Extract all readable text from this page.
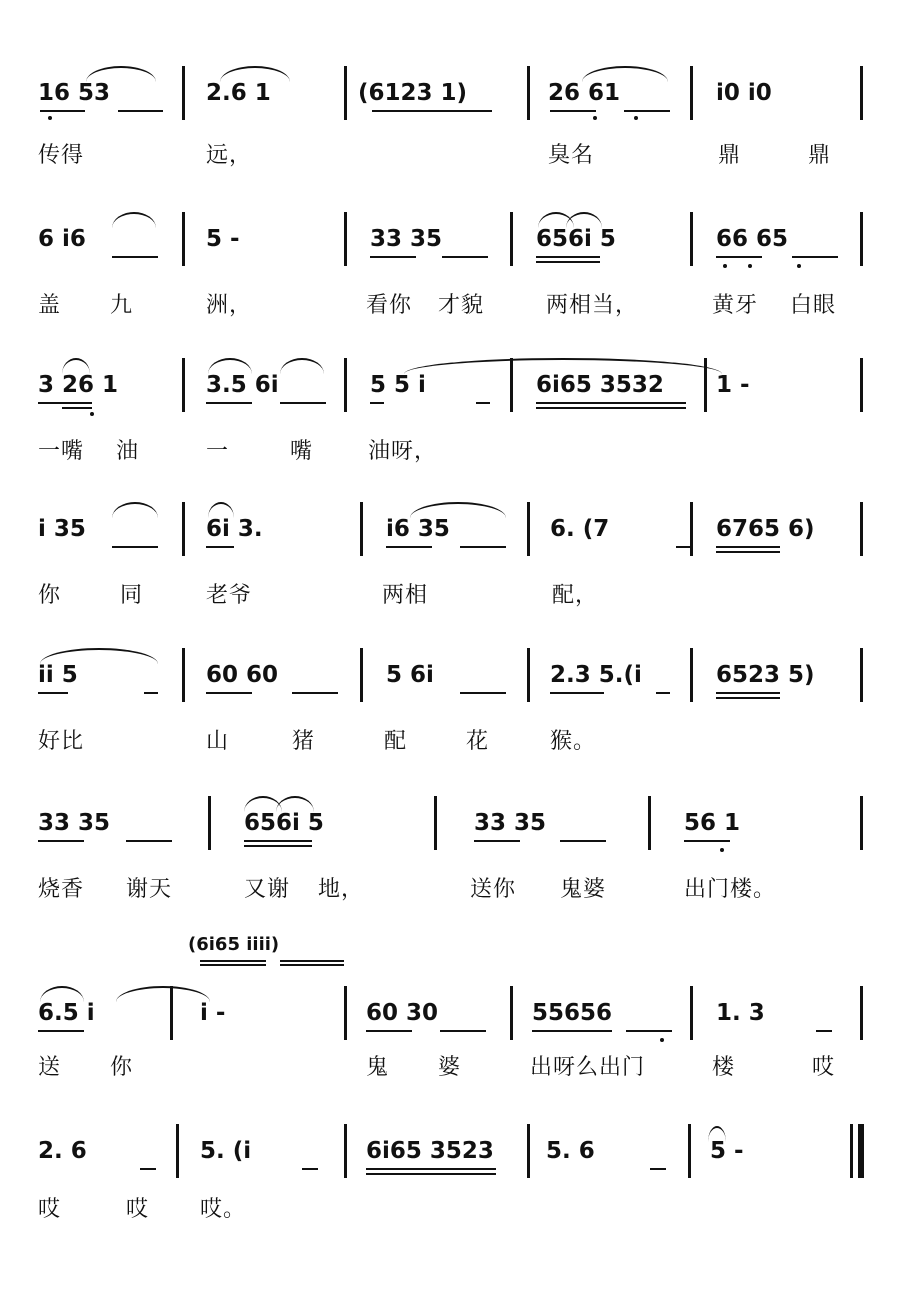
16 53	2.6 1	(6123 1)	26 61	i0 i0
传得	远，	臭名	鼎	鼎
6 i6	5 -	33 35	656i 5	66 65
盖 九	洲，	看你 才貌	两相当，	黄牙 白眼
3 26 1	3.5 6i	5 5 i	6i65 3532 1 -
一嘴 油	一	嘴 油呀，
i 35	6i 3.	i6 35	6. (7	6765 6)
你	同	老爷	两相	配，
ii 5	60 60	5 6i	2.3 5.(i	6523 5)
好比	山	猪	配	花	猴。
33 35	656i 5	33 35	56 1
烧香 谢天	又谢 地，	送你 鬼婆	出门楼。
(6i65 iiii)
6.5 i	i -	60 30	55656	1. 3
送 你	鬼 婆	出呀么出门	楼	哎
2. 6	5. (i	6i65 3523 5. 6	5 -
哎	哎 哎。
